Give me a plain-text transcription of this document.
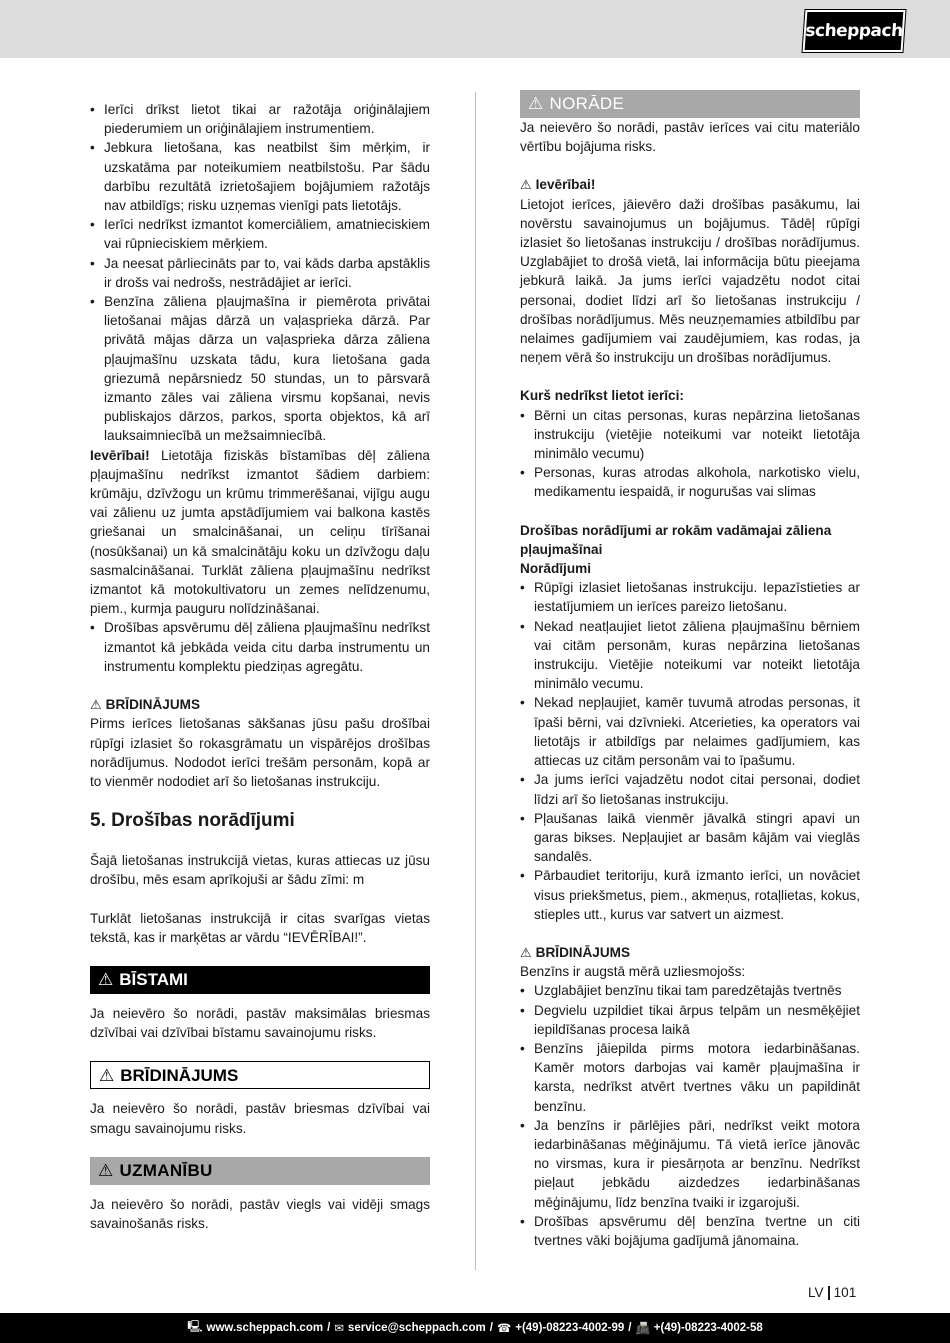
scheppach
• Ierīci drīkst lietot tikai ar ražotāja oriģinālajiem piederumiem un oriģinālajiem instrumentiem.
• Jebkura lietošana, kas neatbilst šim mērķim, ir uzskatāma par noteikumiem neatbilstošu. Par šādu darbību rezultātā izrietošajiem bojājumiem ražotājs nav atbildīgs; risku uzņemas vienīgi pats lietotājs.
• Ierīci nedrīkst izmantot komerciāliem, amatnieciskiem vai rūpnieciskiem mērķiem.
• Ja neesat pārliecināts par to, vai kāds darba apstāklis ir drošs vai nedrošs, nestrādājiet ar ierīci.
• Benzīna zāliena pļaujmašīna ir piemērota privātai lietošanai mājas dārzā un vaļasprieka dārzā. Par privātā mājas dārza un vaļasprieka dārza zāliena pļaujmašīnu uzskata tādu, kura lietošana gada griezumā nepārsniedz 50 stundas, un to pārsvarā izmanto zāles vai zāliena virsmu kopšanai, nevis publiskajos dārzos, parkos, sporta objektos, kā arī lauksaimniecībā un mežsaimniecībā.

Ievērībai! Lietotāja fiziskās bīstamības dēļ zāliena pļaujmašīnu nedrīkst izmantot šādiem darbiem: krūmāju, dzīvžogu un krūmu trimmerēšanai, vijīgu augu vai zālienu uz jumta apstādījumiem vai balkona kastēs griešanai un smalcināšanai, un celiņu tīrīšanai (nosūkšanai) un kā smalcinātāju koku un dzīvžogu daļu sasmalcināšanai. Turklāt zāliena pļaujmašīnu nedrīkst izmantot kā motokultivatoru un zemes nelīdzenumu, piem., kurmja pauguru nolīdzināšanai.

• Drošības apsvērumu dēļ zāliena pļaujmašīnu nedrīkst izmantot kā jebkāda veida citu darba instrumentu un instrumentu komplektu piedziņas agregātu.
⚠ BRĪDINĀJUMS

Pirms ierīces lietošanas sākšanas jūsu pašu drošībai rūpīgi izlasiet šo rokasgrāmatu un vispārējos drošības norādījumus. Nododot ierīci trešām personām, kopā ar to vienmēr nododiet arī šo lietošanas instrukciju.

5. Drošības norādījumi

Šajā lietošanas instrukcijā vietas, kuras attiecas uz jūsu drošību, mēs esam aprīkojuši ar šādu zīmi: m

Turklāt lietošanas instrukcijā ir citas svarīgas vietas tekstā, kas ir marķētas ar vārdu “IEVĒRĪBAI!”.

⚠ BĪSTAMI

Ja neievēro šo norādi, pastāv maksimālas briesmas dzīvībai vai dzīvībai bīstamu savainojumu risks.

⚠ BRĪDINĀJUMS

Ja neievēro šo norādi, pastāv briesmas dzīvībai vai smagu savainojumu risks.

⚠ UZMANĪBU

Ja neievēro šo norādi, pastāv viegls vai vidēji smags savainošanās risks.

⚠ NORĀDE

Ja neievēro šo norādi, pastāv ierīces vai citu materiālo vērtību bojājuma risks.

⚠ Ievērībai!

Lietojot ierīces, jāievēro daži drošības pasākumu, lai novērstu savainojumus un bojājumus. Tādēļ rūpīgi izlasiet šo lietošanas instrukciju / drošības norādījumus. Uzglabājiet to drošā vietā, lai informācija būtu pieejama jebkurā laikā. Ja jums ierīci vajadzētu nodot citai personai, dodiet līdzi arī šo lietošanas instrukciju / drošības norādījumus. Mēs neuzņemamies atbildību par nelaimes gadījumiem vai zaudējumiem, kas rodas, ja neņem vērā šo instrukciju un drošības norādījumus.

Kurš nedrīkst lietot ierīci:
• Bērni un citas personas, kuras nepārzina lietošanas instrukciju (vietējie noteikumi var noteikt lietotāja minimālo vecumu)
• Personas, kuras atrodas alkohola, narkotisko vielu, medikamentu iespaidā, ir nogurušas vai slimas
Drošības norādījumi ar rokām vadāmajai zāliena pļaujmašīnai
Norādījumi
• Rūpīgi izlasiet lietošanas instrukciju. Iepazīstieties ar iestatījumiem un ierīces pareizo lietošanu.
• Nekad neatļaujiet lietot zāliena pļaujmašīnu bērniem vai citām personām, kuras nepārzina lietošanas instrukciju. Vietējie noteikumi var noteikt lietotāja minimālo vecumu.
• Nekad nepļaujiet, kamēr tuvumā atrodas personas, it īpaši bērni, vai dzīvnieki. Atcerieties, ka operators vai lietotājs ir atbildīgs par nelaimes gadījumiem, kas attiecas uz citām personām vai to īpašumu.
• Ja jums ierīci vajadzētu nodot citai personai, dodiet līdzi arī šo lietošanas instrukciju.
• Pļaušanas laikā vienmēr jāvalkā stingri apavi un garas bikses. Nepļaujiet ar basām kājām vai vieglās sandalēs.
• Pārbaudiet teritoriju, kurā izmanto ierīci, un novāciet visus priekšmetus, piem., akmeņus, rotaļlietas, kokus, stieples utt., kurus var satvert un aizmest.
⚠ BRĪDINĀJUMS

Benzīns ir augstā mērā uzliesmojošs:

• Uzglabājiet benzīnu tikai tam paredzētajās tvertnēs
• Degvielu uzpildiet tikai ārpus telpām un nesmēķējiet iepildīšanas procesa laikā
• Benzīns jāiepilda pirms motora iedarbināšanas. Kamēr motors darbojas vai kamēr pļaujmašīna ir karsta, nedrīkst atvērt tvertnes vāku un papildināt benzīnu.
• Ja benzīns ir pārlējies pāri, nedrīkst veikt motora iedarbināšanas mēģinājumu. Tā vietā ierīce jānovāc no virsmas, kura ir piesārņota ar benzīnu. Nedrīkst pieļaut jebkādu aizdedzes iedarbināšanas mēģinājumu, līdz benzīna tvaiki ir izgarojuši.
• Drošības apsvērumu dēļ benzīna tvertne un citi tvertnes vāki bojājuma gadījumā jānomaina.
LV 101
🖳 www.scheppach.com / ✉ service@scheppach.com / ☎ +(49)-08223-4002-99 / 📠 +(49)-08223-4002-58
